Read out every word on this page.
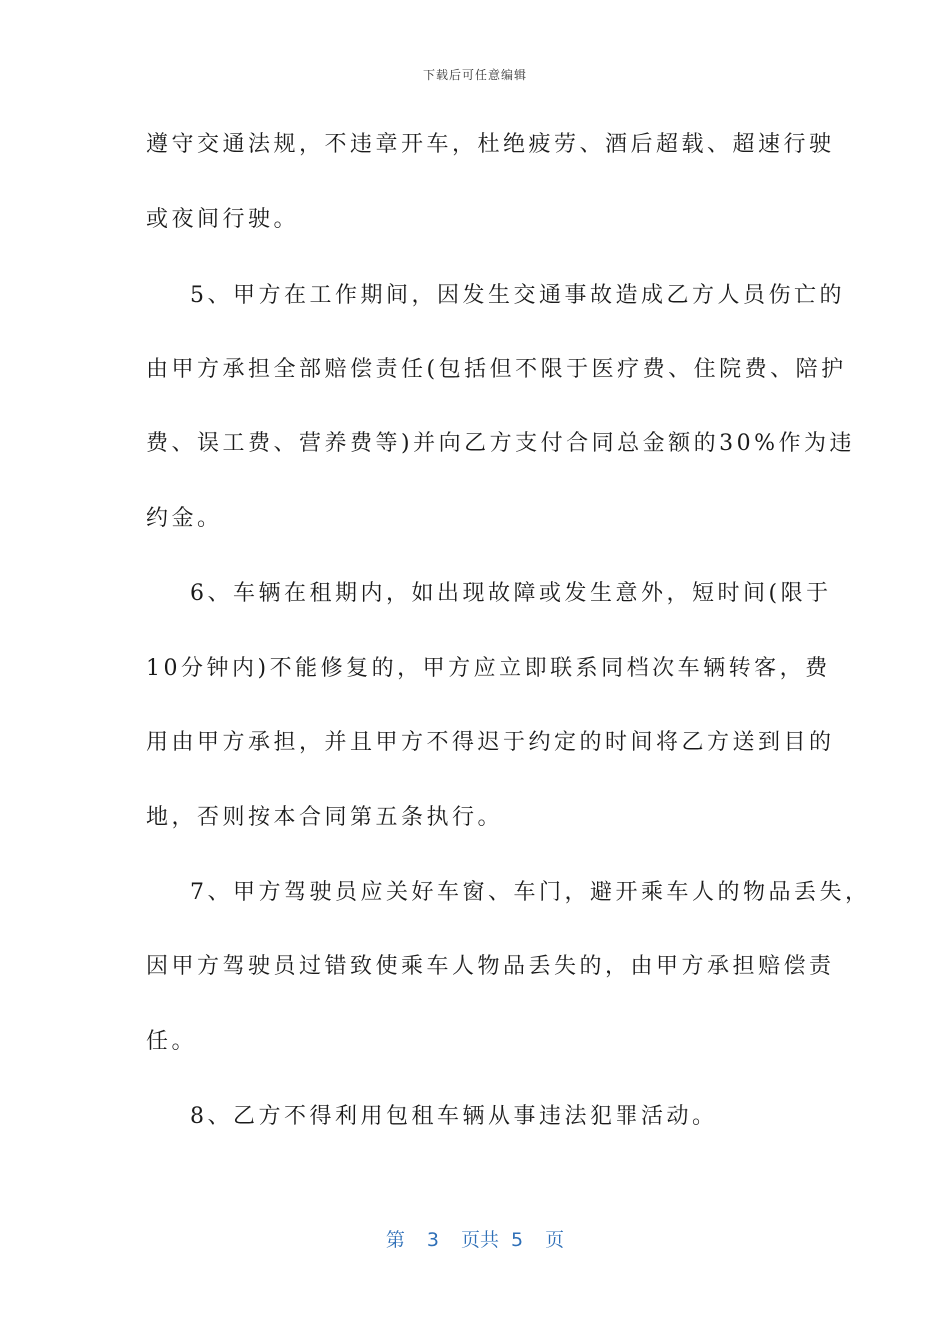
下载后可任意编辑
遵守交通法规，不违章开车，杜绝疲劳、酒后超载、超速行驶
或夜间行驶。
5、甲方在工作期间，因发生交通事故造成乙方人员伤亡的
由甲方承担全部赔偿责任(包括但不限于医疗费、住院费、陪护
费、误工费、营养费等)并向乙方支付合同总金额的30%作为违
约金。
6、车辆在租期内，如出现故障或发生意外，短时间(限于
10分钟内)不能修复的，甲方应立即联系同档次车辆转客，费
用由甲方承担，并且甲方不得迟于约定的时间将乙方送到目的
地，否则按本合同第五条执行。
7、甲方驾驶员应关好车窗、车门，避开乘车人的物品丢失，
因甲方驾驶员过错致使乘车人物品丢失的，由甲方承担赔偿责
任。
8、乙方不得利用包租车辆从事违法犯罪活动。
第 3 页共 5 页
